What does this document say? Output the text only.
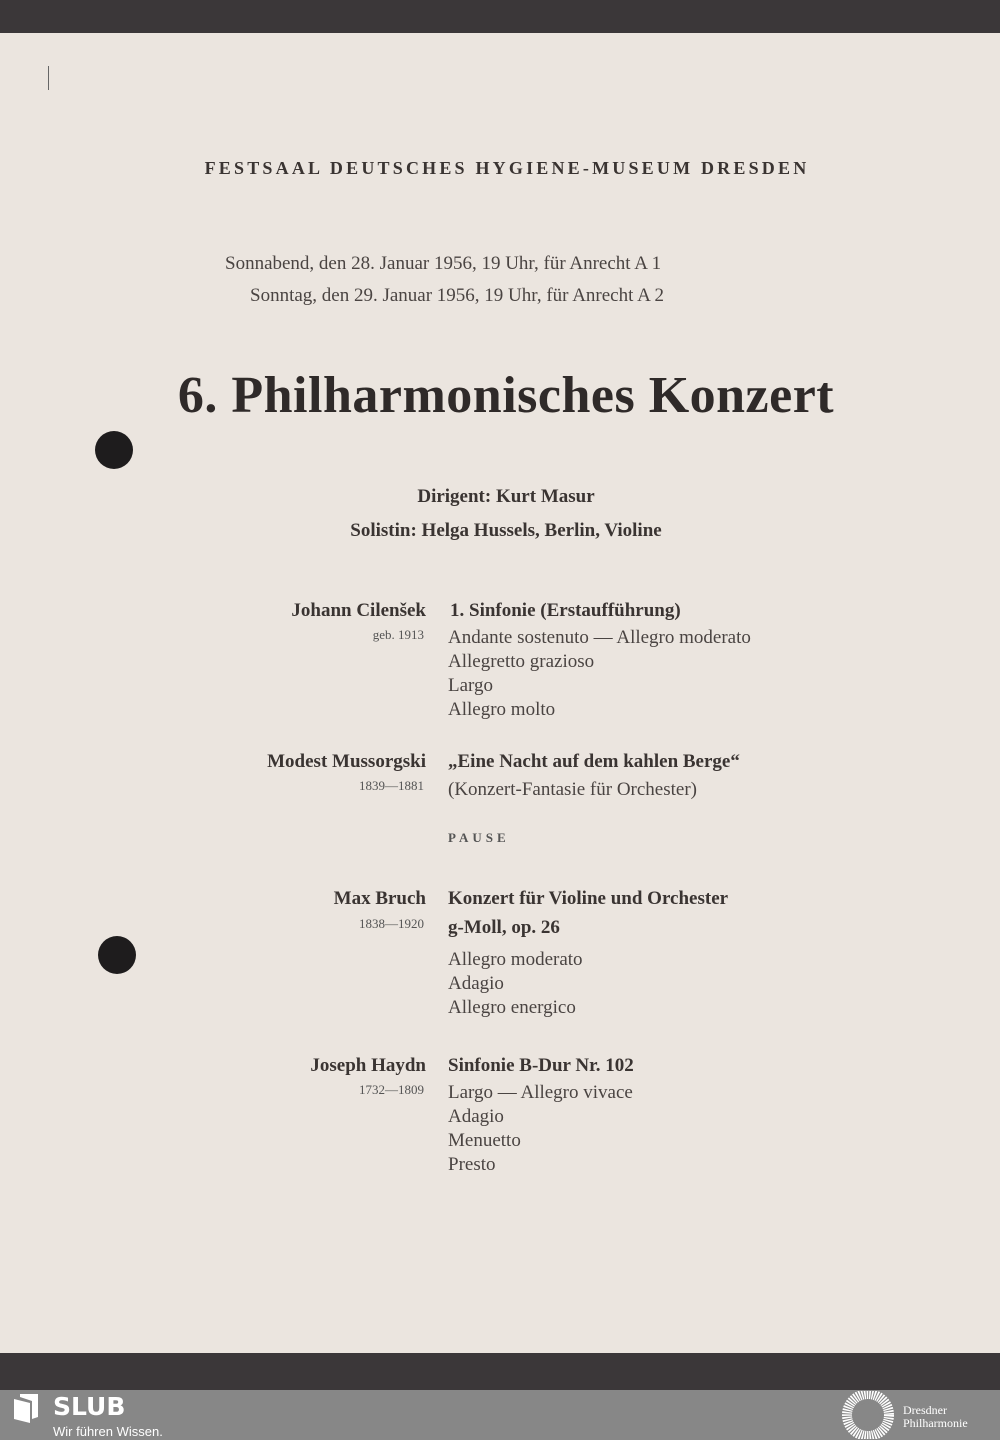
FESTSAAL DEUTSCHES HYGIENE-MUSEUM DRESDEN
Sonnabend, den 28. Januar 1956, 19 Uhr, für Anrecht A 1
Sonntag, den 29. Januar 1956, 19 Uhr, für Anrecht A 2
6. Philharmonisches Konzert
Dirigent: Kurt Masur
Solistin: Helga Hussels, Berlin, Violine
Johann Cilenšek
geb. 1913
1. Sinfonie (Erstaufführung)
Andante sostenuto — Allegro moderato
Allegretto grazioso
Largo
Allegro molto
Modest Mussorgski
1839—1881
„Eine Nacht auf dem kahlen Berge“
(Konzert-Fantasie für Orchester)
PAUSE
Max Bruch
1838—1920
Konzert für Violine und Orchester
g-Moll, op. 26
Allegro moderato
Adagio
Allegro energico
Joseph Haydn
1732—1809
Sinfonie B-Dur Nr. 102
Largo — Allegro vivace
Adagio
Menuetto
Presto
SLUB
Wir führen Wissen.
Dresdner
Philharmonie
